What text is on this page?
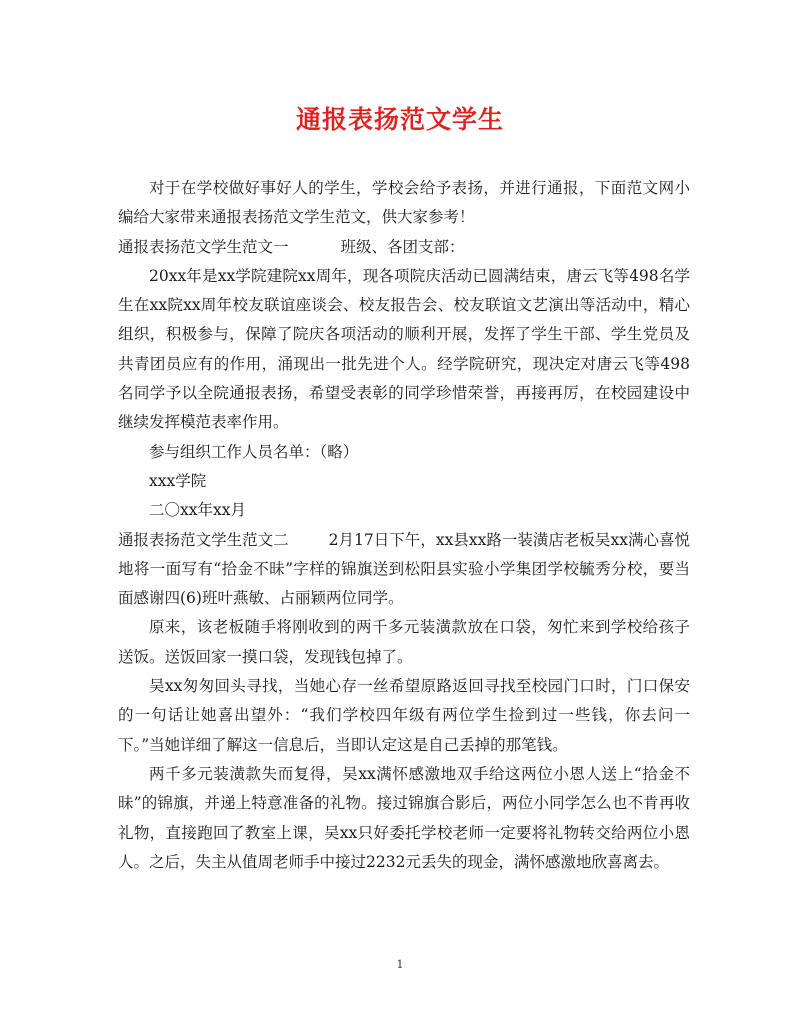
通报表扬范文学生

对于在学校做好事好人的学生，学校会给予表扬，并进行通报，下面范文网小编给大家带来通报表扬范文学生范文，供大家参考！

通报表扬范文学生范文一	班级、各团支部：

20xx年是xx学院建院xx周年，现各项院庆活动已圆满结束，唐云飞等498名学生在xx院xx周年校友联谊座谈会、校友报告会、校友联谊文艺演出等活动中，精心组织，积极参与，保障了院庆各项活动的顺利开展，发挥了学生干部、学生党员及共青团员应有的作用，涌现出一批先进个人。经学院研究，现决定对唐云飞等498名同学予以全院通报表扬，希望受表彰的同学珍惜荣誉，再接再厉，在校园建设中继续发挥模范表率作用。

参与组织工作人员名单：（略）

xxx学院

二〇xx年xx月

通报表扬范文学生范文二	2月17日下午，xx县xx路一装潢店老板吴xx满心喜悦地将一面写有“拾金不昧”字样的锦旗送到松阳县实验小学集团学校毓秀分校，要当面感谢四(6)班叶燕敏、占丽颖两位同学。

原来，该老板随手将刚收到的两千多元装潢款放在口袋，匆忙来到学校给孩子送饭。送饭回家一摸口袋，发现钱包掉了。

吴xx匆匆回头寻找，当她心存一丝希望原路返回寻找至校园门口时，门口保安的一句话让她喜出望外：“我们学校四年级有两位学生捡到过一些钱，你去问一下。”当她详细了解这一信息后，当即认定这是自己丢掉的那笔钱。

两千多元装潢款失而复得，吴xx满怀感激地双手给这两位小恩人送上“拾金不昧”的锦旗，并递上特意准备的礼物。接过锦旗合影后，两位小同学怎么也不肯再收礼物，直接跑回了教室上课，吴xx只好委托学校老师一定要将礼物转交给两位小恩人。之后，失主从值周老师手中接过2232元丢失的现金，满怀感激地欣喜离去。

1
